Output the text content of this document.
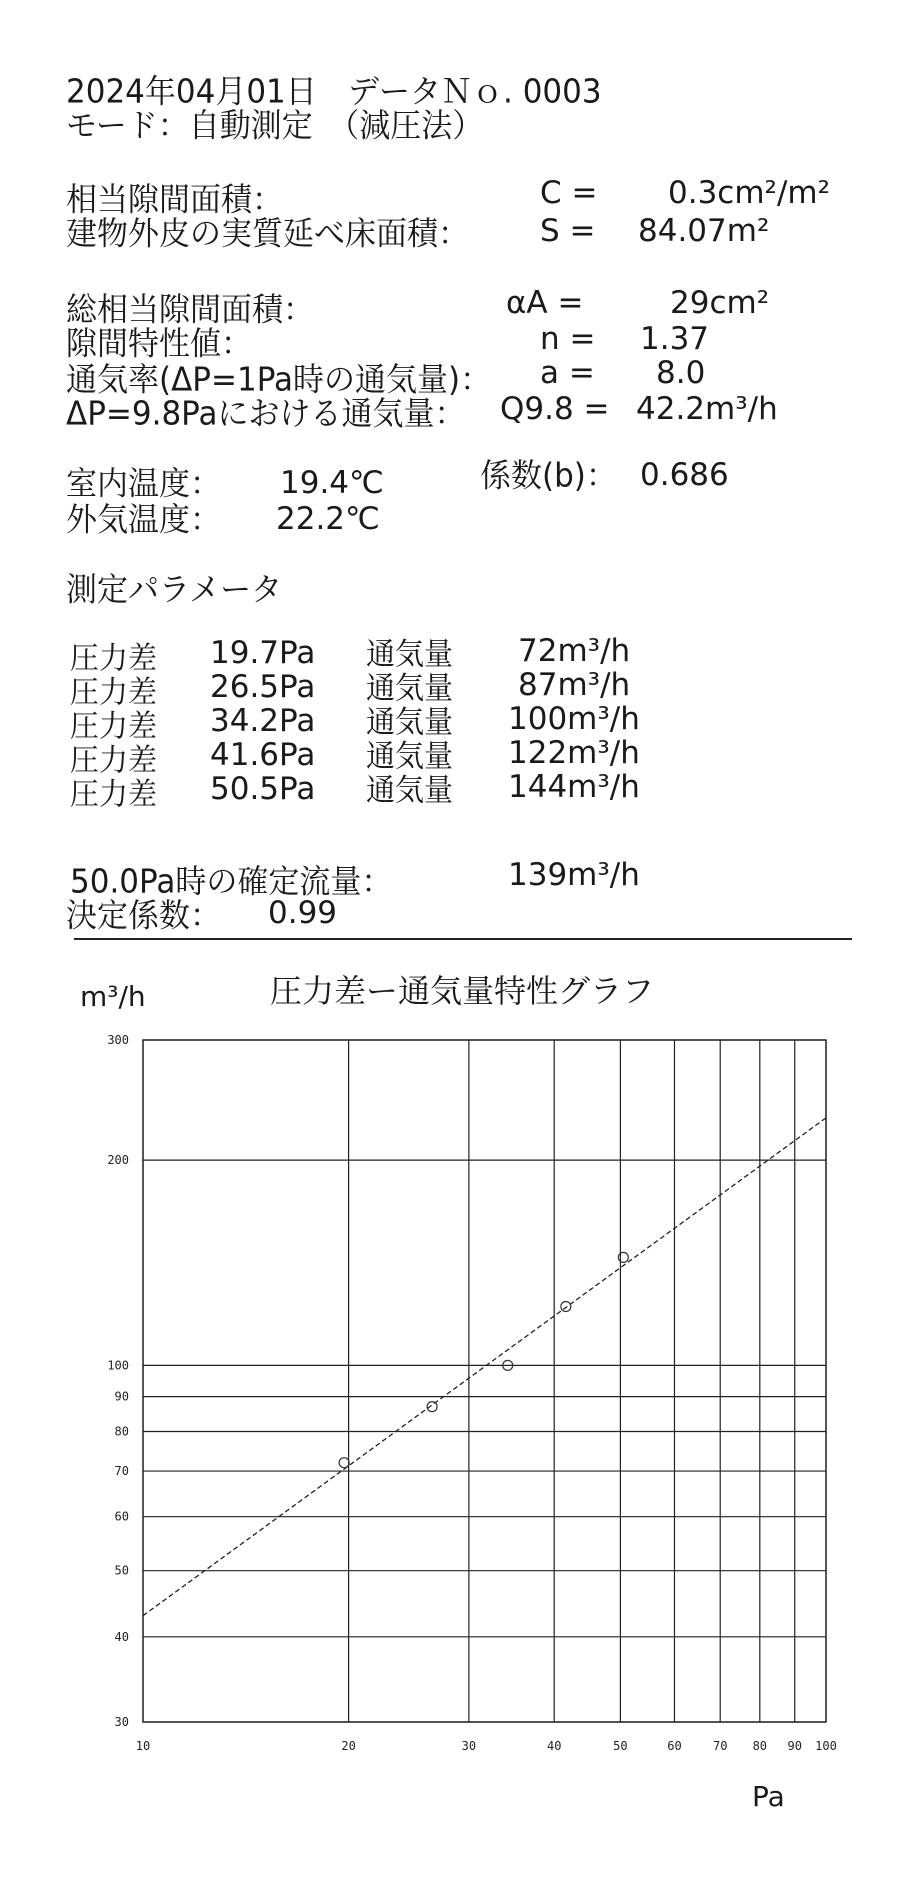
2024年04月01日 データＮｏ. 0003
モード：自動測定　（減圧法）
相当隙間面積：	C = 0.3cm²/m²
建物外皮の実質延べ床面積： S = 84.07m²
総相当隙間面積：	αA =	29cm²
隙間特性値：	n = 1.37
通気率(ΔP=1Pa時の通気量)： a = 8.0
ΔP=9.8Paにおける通気量： Q9.8 = 42.2m³/h
室内温度： 19.4℃	係数(b)： 0.686
外気温度： 22.2℃
測定パラメータ
圧力差 19.7Pa 通気量 72m³/h
圧力差 26.5Pa 通気量 87m³/h
圧力差 34.2Pa 通気量 100m³/h
圧力差 41.6Pa 通気量 122m³/h
圧力差 50.5Pa 通気量 144m³/h
50.0Pa時の確定流量：	139m³/h
決定係数： 0.99
m³/h	圧力差ー通気量特性グラフ
10	20	30	40	50	60	70 80 90 100
30
40
50
60
70
80
90
100
200
300
Pa
